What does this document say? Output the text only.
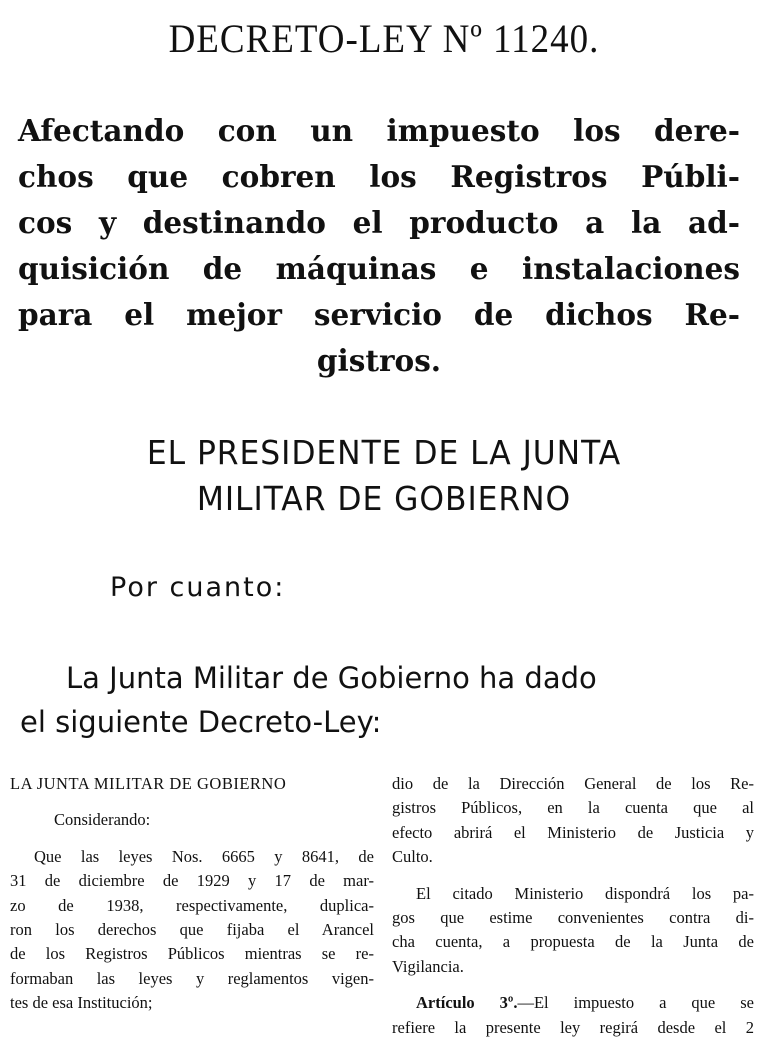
DECRETO-LEY Nº 11240.
Afectando con un impuesto los dere-
chos que cobren los Registros Públi-
cos y destinando el producto a la ad-
quisición de máquinas e instalaciones
para el mejor servicio de dichos Re-
gistros.
EL PRESIDENTE DE LA JUNTA
MILITAR DE GOBIERNO
Por cuanto:
La Junta Militar de Gobierno ha dado
el siguiente Decreto-Ley:
LA JUNTA MILITAR DE GOBIERNO
Considerando:

Que las leyes Nos. 6665 y 8641, de
31 de diciembre de 1929 y 17 de mar-
zo de 1938, respectivamente, duplica-
ron los derechos que fijaba el Arancel
de los Registros Públicos mientras se re-
formaban las leyes y reglamentos vigen-
tes de esa Institución;

dio de la Dirección General de los Re-
gistros Públicos, en la cuenta que al
efecto abrirá el Ministerio de Justicia y
Culto.

El citado Ministerio dispondrá los pa-
gos que estime convenientes contra di-
cha cuenta, a propuesta de la Junta de
Vigilancia.

Artículo 3º.—El impuesto a que se
refiere la presente ley regirá desde el 2
